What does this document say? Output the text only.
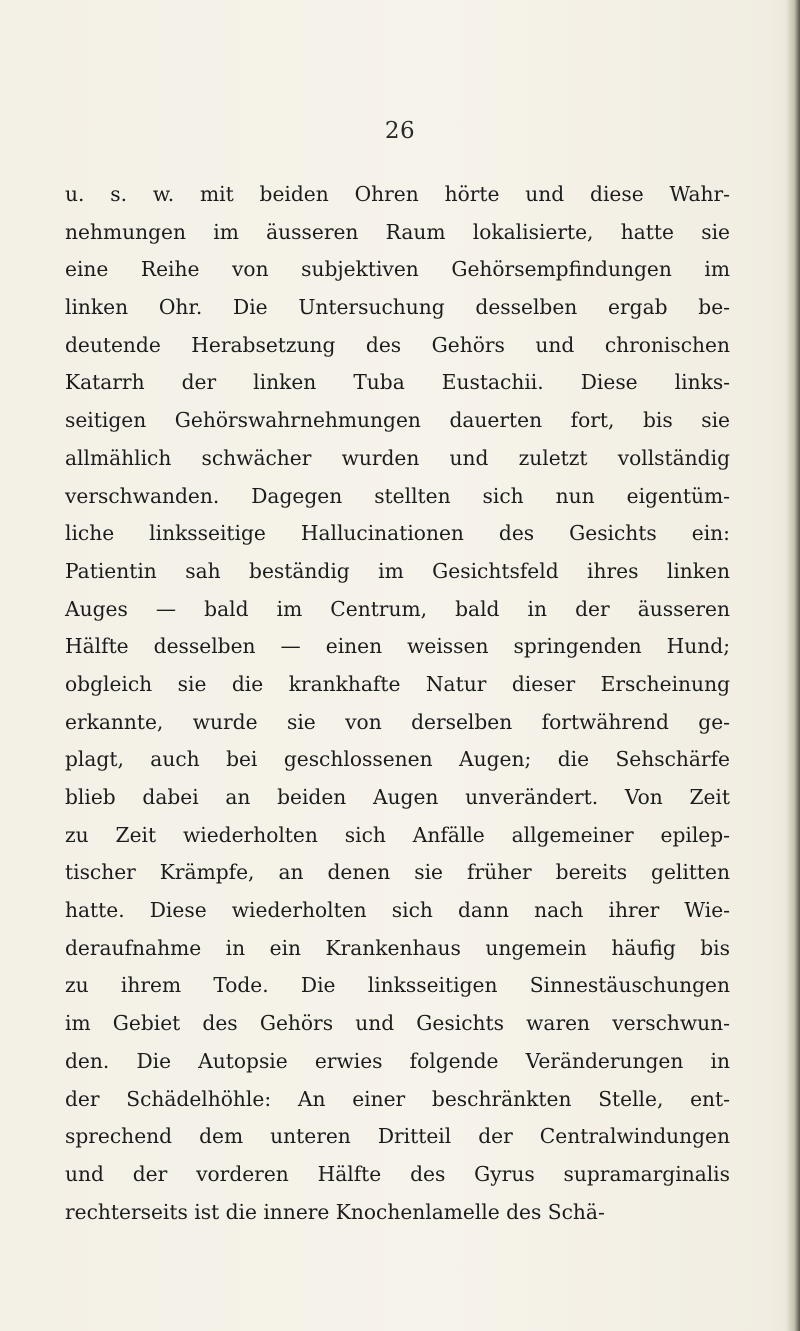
26
u. s. w. mit beiden Ohren hörte und diese Wahr-
nehmungen im äusseren Raum lokalisierte, hatte sie
eine Reihe von subjektiven Gehörsempfindungen im
linken Ohr. Die Untersuchung desselben ergab be-
deutende Herabsetzung des Gehörs und chronischen
Katarrh der linken Tuba Eustachii. Diese links-
seitigen Gehörswahrnehmungen dauerten fort, bis sie
allmählich schwächer wurden und zuletzt vollständig
verschwanden. Dagegen stellten sich nun eigentüm-
liche linksseitige Hallucinationen des Gesichts ein:
Patientin sah beständig im Gesichtsfeld ihres linken
Auges — bald im Centrum, bald in der äusseren
Hälfte desselben — einen weissen springenden Hund;
obgleich sie die krankhafte Natur dieser Erscheinung
erkannte, wurde sie von derselben fortwährend ge-
plagt, auch bei geschlossenen Augen; die Sehschärfe
blieb dabei an beiden Augen unverändert. Von Zeit
zu Zeit wiederholten sich Anfälle allgemeiner epilep-
tischer Krämpfe, an denen sie früher bereits gelitten
hatte. Diese wiederholten sich dann nach ihrer Wie-
deraufnahme in ein Krankenhaus ungemein häufig bis
zu ihrem Tode. Die linksseitigen Sinnestäuschungen
im Gebiet des Gehörs und Gesichts waren verschwun-
den. Die Autopsie erwies folgende Veränderungen in
der Schädelhöhle: An einer beschränkten Stelle, ent-
sprechend dem unteren Dritteil der Centralwindungen
und der vorderen Hälfte des Gyrus supramarginalis
rechterseits ist die innere Knochenlamelle des Schä-
